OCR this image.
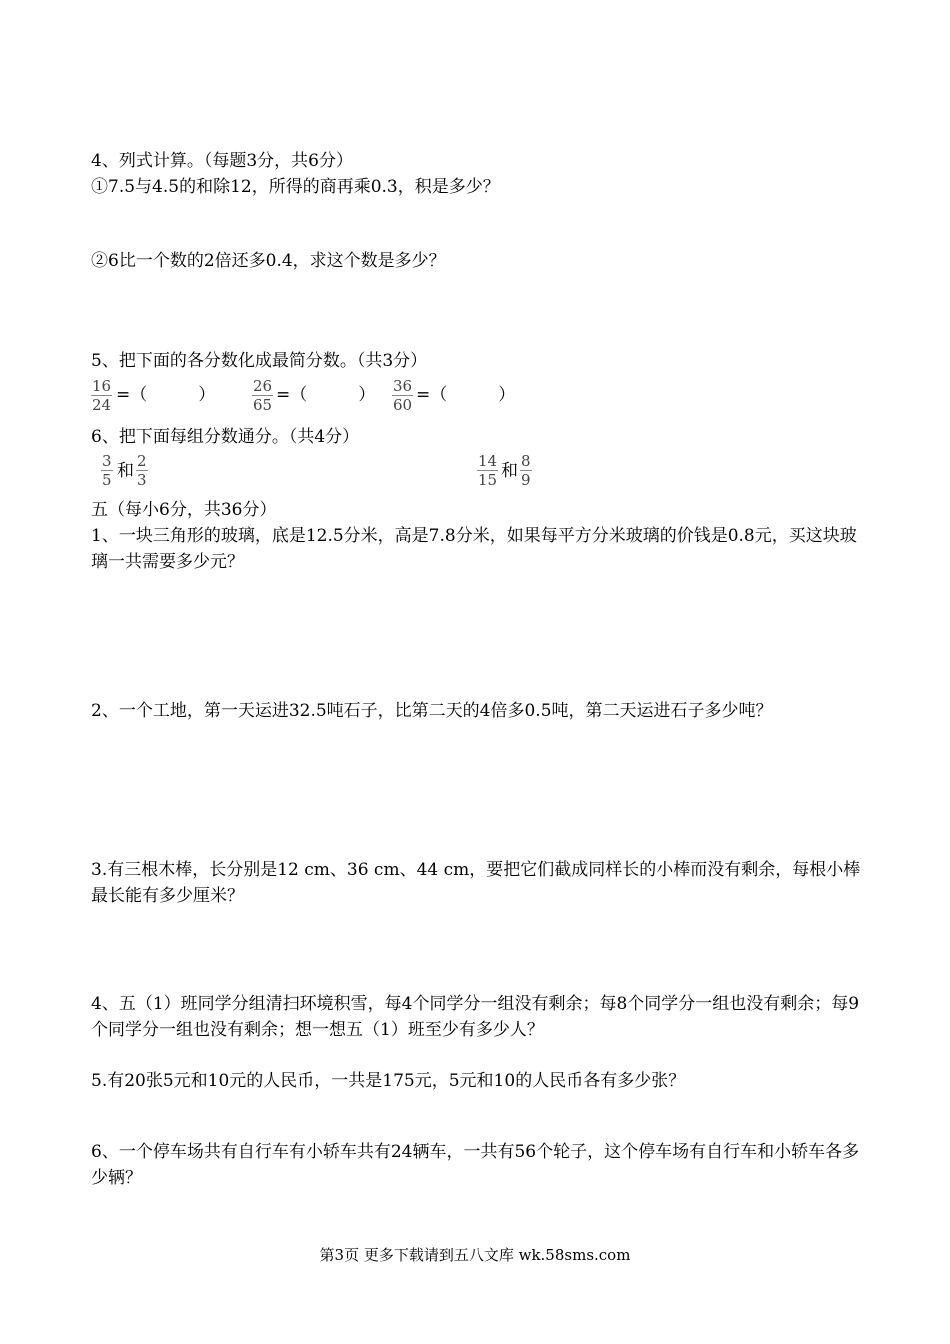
4、列式计算。（每题3分，共6分）
①7.5与4.5的和除12，所得的商再乘0.3，积是多少？
②6比一个数的2倍还多0.4，求这个数是多少？
5、把下面的各分数化成最简分数。（共3分）
16
24 =（　　　）	26
65 =（　　　） 36
60 =（　　　）
6、把下面每组分数通分。（共4分）
3
5 和 2
3
14
15 和 8
9
五（每小6分，共36分）
1、一块三角形的玻璃，底是12.5分米，高是7.8分米，如果每平方分米玻璃的价钱是0.8元，买这块玻璃一共需要多少元？
2、一个工地，第一天运进32.5吨石子，比第二天的4倍多0.5吨，第二天运进石子多少吨？
3.有三根木棒，长分别是12 cm、36 cm、44 cm，要把它们截成同样长的小棒而没有剩余，每根小棒最长能有多少厘米？
4、五（1）班同学分组清扫环境积雪，每4个同学分一组没有剩余；每8个同学分一组也没有剩余；每9个同学分一组也没有剩余；想一想五（1）班至少有多少人？
5.有20张5元和10元的人民币，一共是175元，5元和10的人民币各有多少张？
6、一个停车场共有自行车有小轿车共有24辆车，一共有56个轮子，这个停车场有自行车和小轿车各多少辆？
第3页 更多下载请到五八文库 wk.58sms.com
